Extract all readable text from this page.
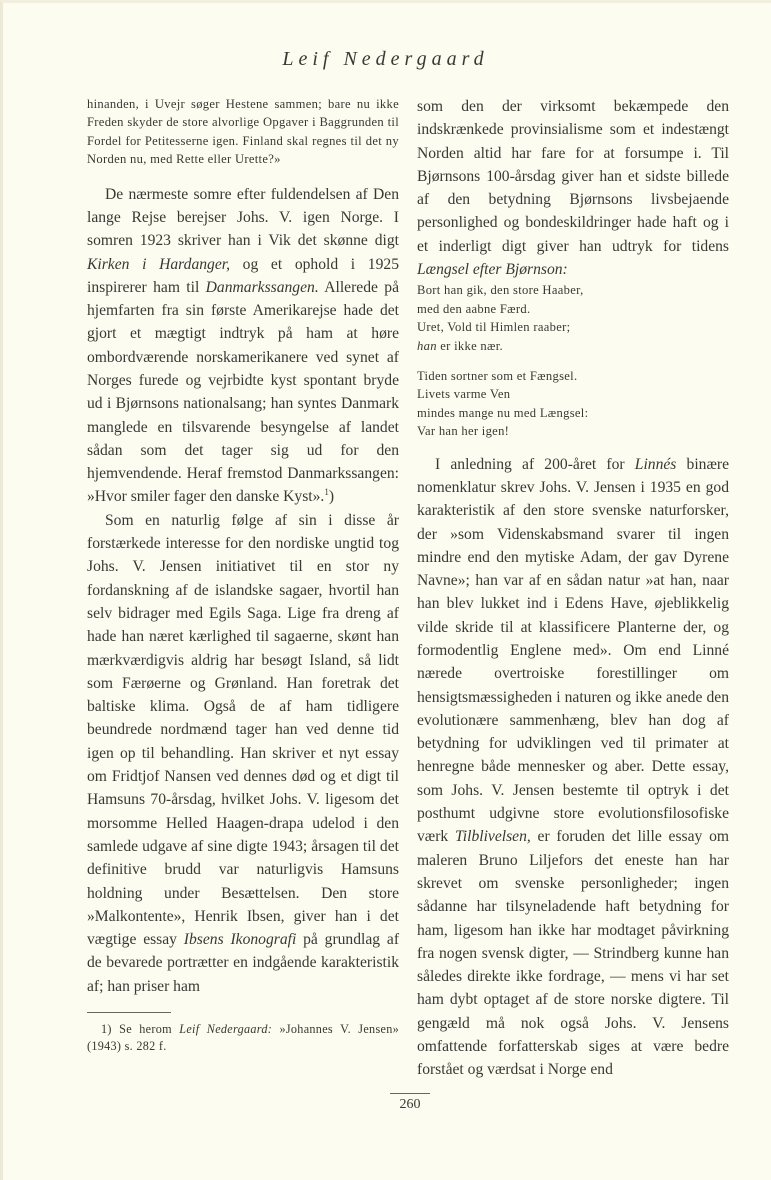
Leif Nedergaard

hinanden, i Uvejr søger Hestene sammen; bare nu ikke Freden skyder de store alvorlige Opgaver i Baggrunden til Fordel for Petitesserne igen. Finland skal regnes til det ny Norden nu, med Rette eller Urette?»

De nærmeste somre efter fuldendelsen af Den lange Rejse berejser Johs. V. igen Norge. I somren 1923 skriver han i Vik det skønne digt Kirken i Hardanger, og et ophold i 1925 inspirerer ham til Danmarkssangen. Allerede på hjemfarten fra sin første Amerikarejse hade det gjort et mægtigt indtryk på ham at høre ombordværende norskamerikanere ved synet af Norges furede og vejrbidte kyst spontant bryde ud i Bjørnsons nationalsang; han syntes Danmark manglede en tilsvarende besyngelse af landet sådan som det tager sig ud for den hjemvendende. Heraf fremstod Danmarkssangen: »Hvor smiler fager den danske Kyst».$^1$)

Som en naturlig følge af sin i disse år forstærkede interesse for den nordiske ungtid tog Johs. V. Jensen initiativet til en stor ny fordanskning af de islandske sagaer, hvortil han selv bidrager med Egils Saga. Lige fra dreng af hade han næret kærlighed til sagaerne, skønt han mærkværdigvis aldrig har besøgt Island, så lidt som Færøerne og Grønland. Han foretrak det baltiske klima. Også de af ham tidligere beundrede nordmænd tager han ved denne tid igen op til behandling. Han skriver et nyt essay om Fridtjof Nansen ved dennes død og et digt til Hamsuns 70-årsdag, hvilket Johs. V. ligesom det morsomme Helled Haagen-drapa udelod i den samlede udgave af sine digte 1943; årsagen til det definitive brudd var naturligvis Hamsuns holdning under Besættelsen. Den store »Malkontente», Henrik Ibsen, giver han i det vægtige essay Ibsens Ikonografi på grundlag af de bevarede portrætter en indgående karakteristik af; han priser ham

1) Se herom Leif Nedergaard: »Johannes V. Jensen» (1943) s. 282 f.

som den der virksomt bekæmpede den indskrænkede provinsialisme som et indestængt Norden altid har fare for at forsumpe i. Til Bjørnsons 100-årsdag giver han et sidste billede af den betydning Bjørnsons livsbejaende personlighed og bondeskildringer hade haft og i et inderligt digt giver han udtryk for tidens Længsel efter Bjørnson:

Bort han gik, den store Haaber,
med den aabne Færd.
Uret, Vold til Himlen raaber;
han er ikke nær.
Tiden sortner som et Fængsel.
Livets varme Ven
mindes mange nu med Længsel:
Var han her igen!

I anledning af 200-året for Linnés binære nomenklatur skrev Johs. V. Jensen i 1935 en god karakteristik af den store svenske naturforsker, der »som Videnskabsmand svarer til ingen mindre end den mytiske Adam, der gav Dyrene Navne»; han var af en sådan natur »at han, naar han blev lukket ind i Edens Have, øjeblikkelig vilde skride til at klassificere Planterne der, og formodentlig Englene med». Om end Linné nærede overtroiske forestillinger om hensigtsmæssigheden i naturen og ikke anede den evolutionære sammenhæng, blev han dog af betydning for udviklingen ved til primater at henregne både mennesker og aber. Dette essay, som Johs. V. Jensen bestemte til optryk i det posthumt udgivne store evolutionsfilosofiske værk Tilblivelsen, er foruden det lille essay om maleren Bruno Liljefors det eneste han har skrevet om svenske personligheder; ingen sådanne har tilsyneladende haft betydning for ham, ligesom han ikke har modtaget påvirkning fra nogen svensk digter, — Strindberg kunne han således direkte ikke fordrage, — mens vi har set ham dybt optaget af de store norske digtere. Til gengæld må nok også Johs. V. Jensens omfattende forfatterskab siges at være bedre forstået og værdsat i Norge end

260
